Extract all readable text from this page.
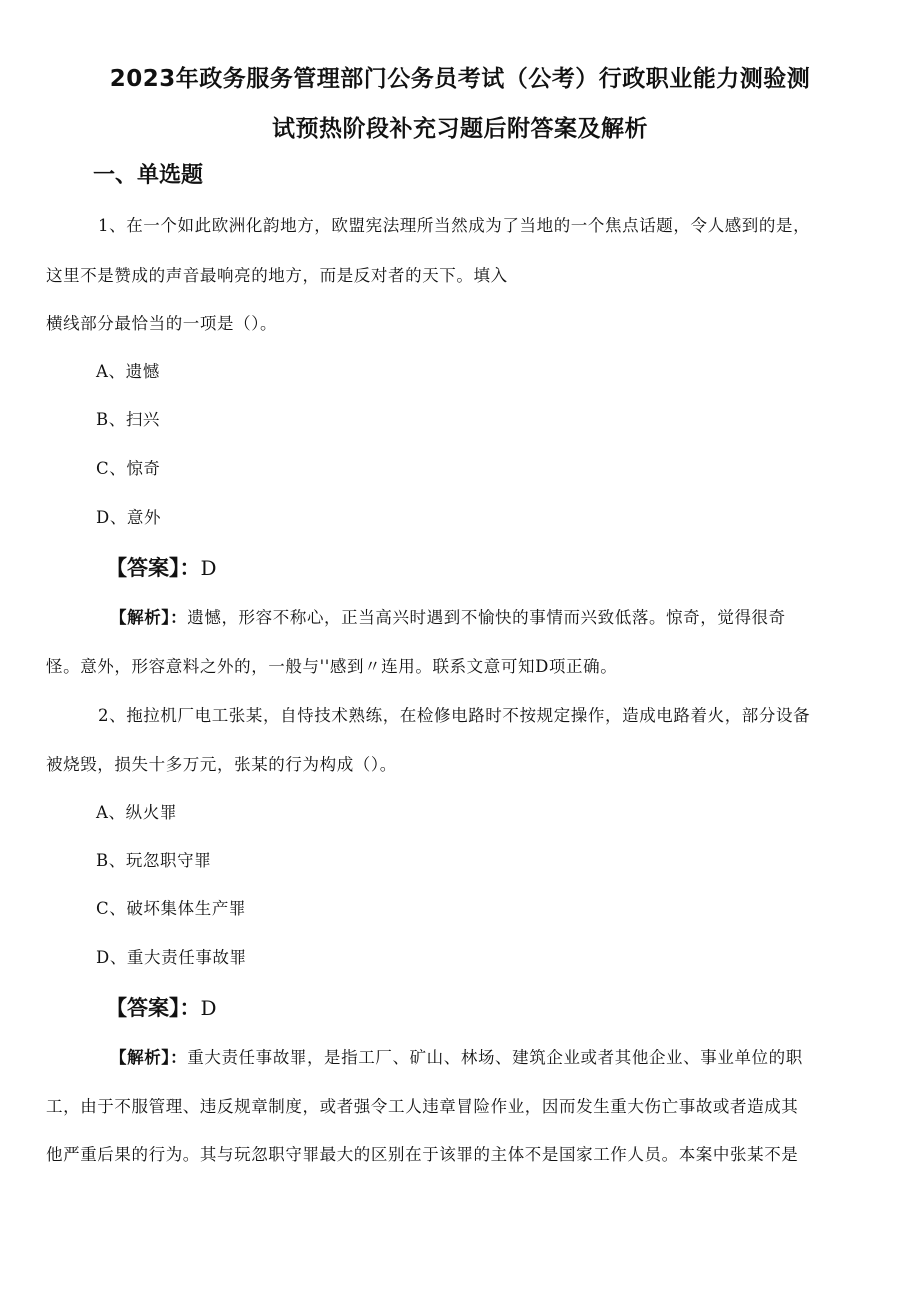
2023年政务服务管理部门公务员考试（公考）行政职业能力测验测
试预热阶段补充习题后附答案及解析
一、单选题
1、在一个如此欧洲化韵地方，欧盟宪法理所当然成为了当地的一个焦点话题，令人感到的是，
这里不是赞成的声音最响亮的地方，而是反对者的天下。填入
横线部分最恰当的一项是（）。
A、遗憾
B、扫兴
C、惊奇
D、意外
【答案】：D
【解析】：遗憾，形容不称心，正当高兴时遇到不愉快的事情而兴致低落。惊奇，觉得很奇
怪。意外，形容意料之外的，一般与''感到〃连用。联系文意可知D项正确。
2、拖拉机厂电工张某，自恃技术熟练，在检修电路时不按规定操作，造成电路着火，部分设备
被烧毁，损失十多万元，张某的行为构成（）。
A、纵火罪
B、玩忽职守罪
C、破坏集体生产罪
D、重大责任事故罪
【答案】：D
【解析】：重大责任事故罪，是指工厂、矿山、林场、建筑企业或者其他企业、事业单位的职
工，由于不服管理、违反规章制度，或者强令工人违章冒险作业，因而发生重大伤亡事故或者造成其
他严重后果的行为。其与玩忽职守罪最大的区别在于该罪的主体不是国家工作人员。本案中张某不是
